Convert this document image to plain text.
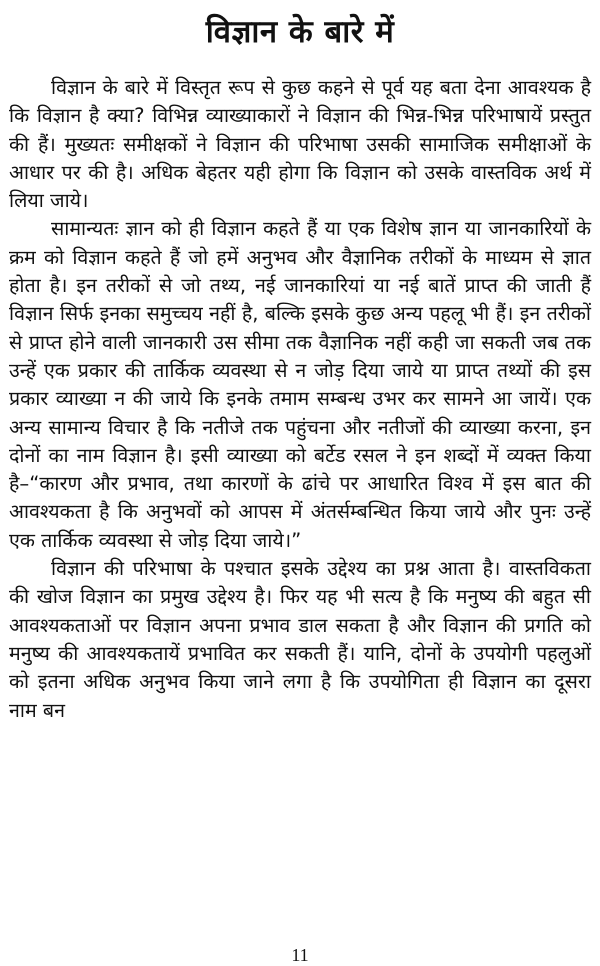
विज्ञान के बारे में

विज्ञान के बारे में विस्तृत रूप से कुछ कहने से पूर्व यह बता देना आवश्यक है कि विज्ञान है क्या? विभिन्न व्याख्याकारों ने विज्ञान की भिन्न-भिन्न परिभाषायें प्रस्तुत की हैं। मुख्यतः समीक्षकों ने विज्ञान की परिभाषा उसकी सामाजिक समीक्षाओं के आधार पर की है। अधिक बेहतर यही होगा कि विज्ञान को उसके वास्तविक अर्थ में लिया जाये।

सामान्यतः ज्ञान को ही विज्ञान कहते हैं या एक विशेष ज्ञान या जानकारियों के क्रम को विज्ञान कहते हैं जो हमें अनुभव और वैज्ञानिक तरीकों के माध्यम से ज्ञात होता है। इन तरीकों से जो तथ्य, नई जानकारियां या नई बातें प्राप्त की जाती हैं विज्ञान सिर्फ इनका समुच्चय नहीं है, बल्कि इसके कुछ अन्य पहलू भी हैं। इन तरीकों से प्राप्त होने वाली जानकारी उस सीमा तक वैज्ञानिक नहीं कही जा सकती जब तक उन्हें एक प्रकार की तार्किक व्यवस्था से न जोड़ दिया जाये या प्राप्त तथ्यों की इस प्रकार व्याख्या न की जाये कि इनके तमाम सम्बन्ध उभर कर सामने आ जायें। एक अन्य सामान्य विचार है कि नतीजे तक पहुंचना और नतीजों की व्याख्या करना, इन दोनों का नाम विज्ञान है। इसी व्याख्या को बर्टेड रसल ने इन शब्दों में व्यक्त किया है–“कारण और प्रभाव, तथा कारणों के ढांचे पर आधारित विश्व में इस बात की आवश्यकता है कि अनुभवों को आपस में अंतर्सम्बन्धित किया जाये और पुनः उन्हें एक तार्किक व्यवस्था से जोड़ दिया जाये।”

विज्ञान की परिभाषा के पश्चात इसके उद्देश्य का प्रश्न आता है। वास्तविकता की खोज विज्ञान का प्रमुख उद्देश्य है। फिर यह भी सत्य है कि मनुष्य की बहुत सी आवश्यकताओं पर विज्ञान अपना प्रभाव डाल सकता है और विज्ञान की प्रगति को मनुष्य की आवश्यकतायें प्रभावित कर सकती हैं। यानि, दोनों के उपयोगी पहलुओं को इतना अधिक अनुभव किया जाने लगा है कि उपयोगिता ही विज्ञान का दूसरा नाम बन

11
